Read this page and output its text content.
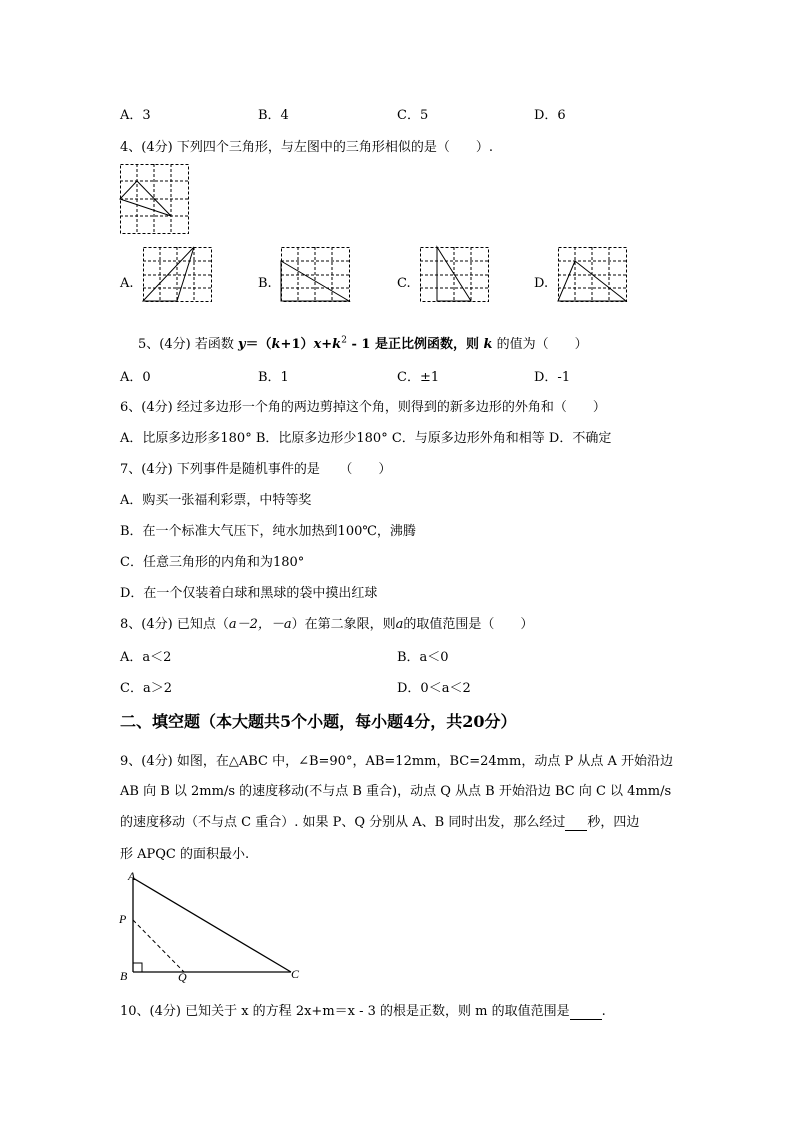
A．3	B．4	C．5	D．6
4、(4分) 下列四个三角形，与左图中的三角形相似的是（　　）.
A.	B.	C.	D.
5、(4分) 若函数 $y=(k+1)x+k^2 - 1$ 是正比例函数，则 k 的值为（　　）
A．0	B．1	C．±1	D．-1
6、(4分) 经过多边形一个角的两边剪掉这个角，则得到的新多边形的外角和（　　）
A．比原多边形多180° B．比原多边形少180° C．与原多边形外角和相等 D．不确定
7、(4分) 下列事件是随机事件的是　　（　　）
A．购买一张福利彩票，中特等奖
B．在一个标准大气压下，纯水加热到100℃，沸腾
C．任意三角形的内角和为180°
D．在一个仅装着白球和黑球的袋中摸出红球
8、(4分) 已知点（a－2，－a）在第二象限，则a的取值范围是（　　）
A．a＜2	B．a＜0
C．a＞2	D．0＜a＜2
二、填空题（本大题共5个小题，每小题4分，共20分）
9、(4分) 如图，在△ABC 中，∠B=90°，AB=12mm，BC=24mm，动点 P 从点 A 开始沿边
AB 向 B 以 2mm/s 的速度移动(不与点 B 重合)，动点 Q 从点 B 开始沿边 BC 向 C 以 4mm/s
的速度移动（不与点 C 重合）. 如果 P、Q 分别从 A、B 同时出发，那么经过 秒，四边
形 APQC 的面积最小.
A
P
B	Q	C
10、(4分) 已知关于 x 的方程 2x+m＝x - 3 的根是正数，则 m 的取值范围是 .
